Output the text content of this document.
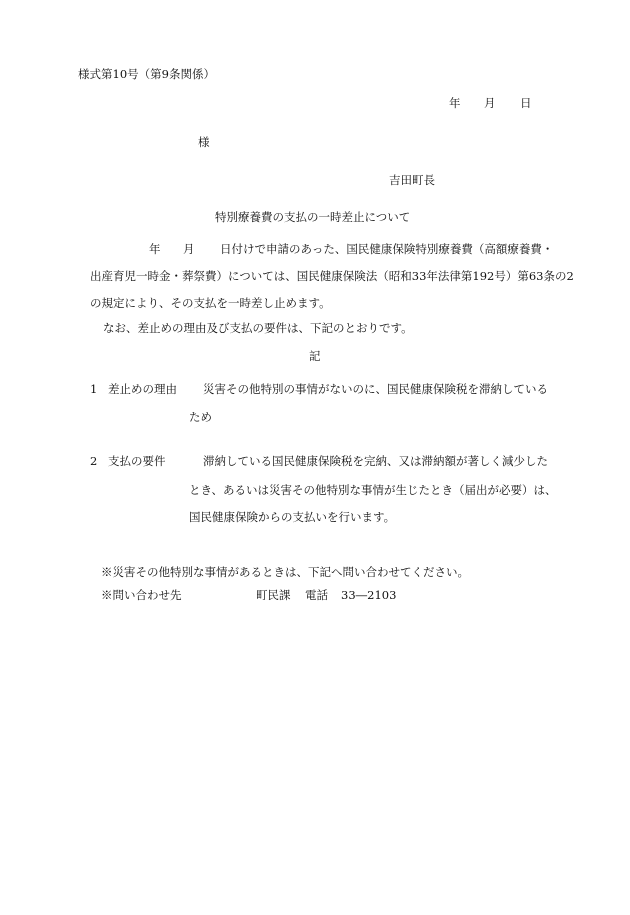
様式第10号（第9条関係）
年 月 日
様
吉田町長
特別療養費の支払の一時差止について
年 月 日付けで申請のあった、国民健康保険特別療養費（高額療養費・
出産育児一時金・葬祭費）については、国民健康保険法（昭和33年法律第192号）第63条の2
の規定により、その支払を一時差し止めます。
なお、差止めの理由及び支払の要件は、下記のとおりです。
記
1 差止めの理由 災害その他特別の事情がないのに、国民健康保険税を滞納している
ため
2 支払の要件	滞納している国民健康保険税を完納、又は滞納額が著しく減少した
とき、あるいは災害その他特別な事情が生じたとき（届出が必要）は、
国民健康保険からの支払いを行います。
※災害その他特別な事情があるときは、下記へ問い合わせてください。
※問い合わせ先	町民課 電話 33―2103
